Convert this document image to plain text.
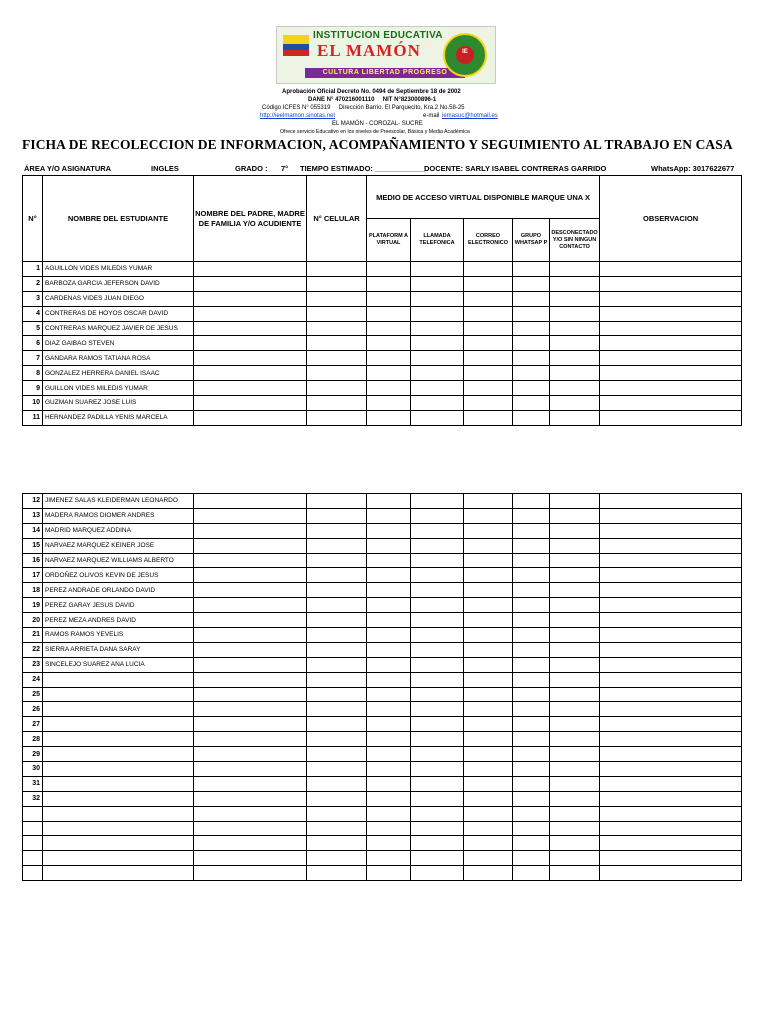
INSTITUCION EDUCATIVA
EL MAMÓN
CULTURA LIBERTAD PROGRESO
IE
Aprobación Oficial Decreto No. 0494 de Septiembre 18 de 2002
DANE N° 470216001110     NIT N°823000896-1
Código ICFES N° 055319     Dirección Barrio. El Parquecito, Kra.2 No.58-25
http://ieelmamon.sinotas.net	e-mail iemasuc@hotmail.es
EL MAMÓN - COROZAL- SUCRE
Ofrece servicio Educativo en los niveles de Preescolar, Básica y Media Académica
FICHA DE RECOLECCION DE INFORMACION, ACOMPAÑAMIENTO Y SEGUIMIENTO AL TRABAJO EN CASA
ÁREA Y/O ASIGNATURA	INGLES	GRADO : 7° TIEMPO ESTIMADO: ____________
DOCENTE: SARLY ISABEL CONTRERAS GARRIDO	WhatsApp: 3017622677
N°	NOMBRE DEL ESTUDIANTE	NOMBRE DEL PADRE, MADRE DE FAMILIA Y/O ACUDIENTE	N° CELULAR	MEDIO DE ACCESO VIRTUAL DISPONIBLE MARQUE UNA X					OBSERVACION
				PLATAFORM A VIRTUAL	LLAMADA TELEFONICA	CORREO ELECTRONICO	GRUPO WHATSAP P	DESCONECTADO Y/O SIN NINGUN CONTACTO	
1	AGUILLON VIDES MILEDIS YUMAR								
2	BARBOZA GARCIA JEFERSON DAVID								
3	CARDENAS VIDES JUAN DIEGO								
4	CONTRERAS DE HOYOS OSCAR DAVID								
5	CONTRERAS MARQUEZ JAVIER DE JESUS								
6	DIAZ GAIBAO STEVEN								
7	GANDARA RAMOS TATIANA ROSA								
8	GONZALEZ HERRERA DANIEL ISAAC								
9	GUILLON VIDES MILEDIS YUMAR								
10	GUZMAN SUAREZ JOSE LUIS								
11	HERNANDEZ PADILLA YENIS MARCELA								
12	JIMENEZ SALAS KLEIDERMAN LEONARDO								
13	MADERA RAMOS DIOMER ANDRES								
14	MADRID MARQUEZ ADDINA								
15	NARVAEZ MARQUEZ KEINER JOSE								
16	NARVAEZ MARQUEZ WILLIAMS ALBERTO								
17	ORDOÑEZ OLIVOS KEVIN DE JESUS								
18	PEREZ ANDRADE ORLANDO DAVID								
19	PEREZ GARAY JESUS DAVID								
20	PEREZ MEZA ANDRES DAVID								
21	RAMOS RAMOS YEVELIS								
22	SIERRA ARRIETA DANA SARAY								
23	SINCELEJO SUAREZ ANA LUCIA								
24									
25									
26									
27									
28									
29									
30									
31									
32									
